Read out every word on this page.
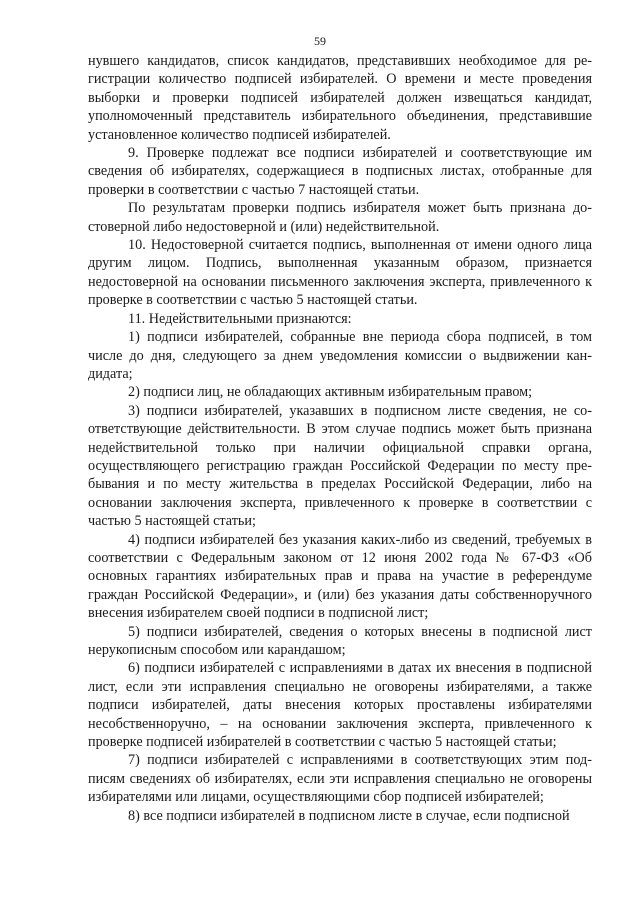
59

нувшего кандидатов, список кандидатов, представивших необходимое для регистрации количество подписей избирателей. О времени и месте проведения выборки и проверки подписей избирателей должен извещаться кандидат, уполномоченный представитель избирательного объединения, представившие установленное количество подписей избирателей.

9. Проверке подлежат все подписи избирателей и соответствующие им сведения об избирателях, содержащиеся в подписных листах, отобранные для проверки в соответствии с частью 7 настоящей статьи.

По результатам проверки подпись избирателя может быть признана достоверной либо недостоверной и (или) недействительной.

10. Недостоверной считается подпись, выполненная от имени одного лица другим лицом. Подпись, выполненная указанным образом, признается недостоверной на основании письменного заключения эксперта, привлеченного к проверке в соответствии с частью 5 настоящей статьи.

11. Недействительными признаются:

1) подписи избирателей, собранные вне периода сбора подписей, в том числе до дня, следующего за днем уведомления комиссии о выдвижении кандидата;

2) подписи лиц, не обладающих активным избирательным правом;

3) подписи избирателей, указавших в подписном листе сведения, не соответствующие действительности. В этом случае подпись может быть признана недействительной только при наличии официальной справки органа, осуществляющего регистрацию граждан Российской Федерации по месту пребывания и по месту жительства в пределах Российской Федерации, либо на основании заключения эксперта, привлеченного к проверке в соответствии с частью 5 настоящей статьи;

4) подписи избирателей без указания каких-либо из сведений, требуемых в соответствии с Федеральным законом от 12 июня 2002 года № 67-ФЗ «Об основных гарантиях избирательных прав и права на участие в референдуме граждан Российской Федерации», и (или) без указания даты собственноручного внесения избирателем своей подписи в подписной лист;

5) подписи избирателей, сведения о которых внесены в подписной лист нерукописным способом или карандашом;

6) подписи избирателей с исправлениями в датах их внесения в подписной лист, если эти исправления специально не оговорены избирателями, а также подписи избирателей, даты внесения которых проставлены избирателями несобственноручно, – на основании заключения эксперта, привлеченного к проверке подписей избирателей в соответствии с частью 5 настоящей статьи;

7) подписи избирателей с исправлениями в соответствующих этим подписям сведениях об избирателях, если эти исправления специально не оговорены избирателями или лицами, осуществляющими сбор подписей избирателей;

8) все подписи избирателей в подписном листе в случае, если подписной
